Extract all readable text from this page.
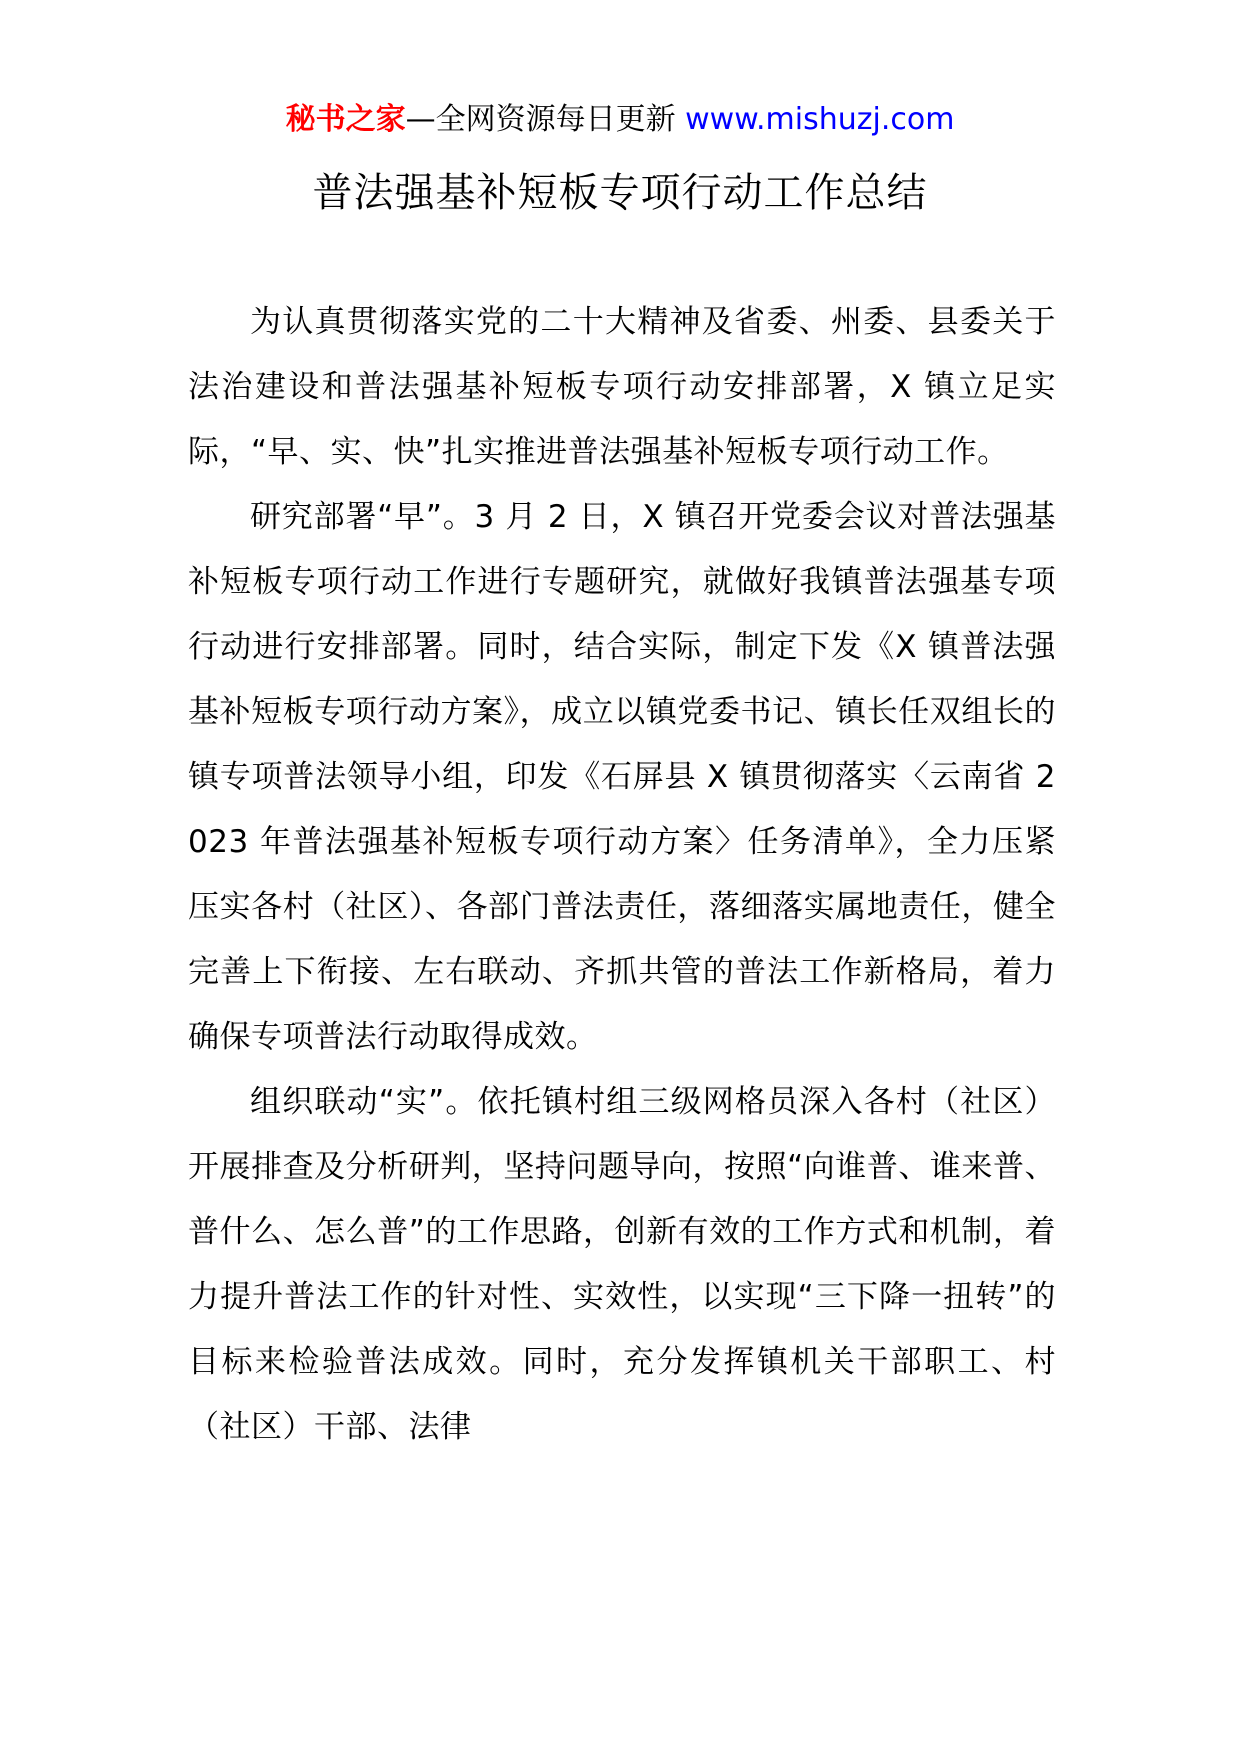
秘书之家—全网资源每日更新 www.mishuzj.com
普法强基补短板专项行动工作总结

为认真贯彻落实党的二十大精神及省委、州委、县委关于法治建设和普法强基补短板专项行动安排部署，X 镇立足实际，“早、实、快”扎实推进普法强基补短板专项行动工作。

研究部署“早”。3 月 2 日，X 镇召开党委会议对普法强基补短板专项行动工作进行专题研究，就做好我镇普法强基专项行动进行安排部署。同时，结合实际，制定下发《X 镇普法强基补短板专项行动方案》，成立以镇党委书记、镇长任双组长的镇专项普法领导小组，印发《石屏县 X 镇贯彻落实〈云南省 2023 年普法强基补短板专项行动方案〉任务清单》，全力压紧压实各村（社区）、各部门普法责任，落细落实属地责任，健全完善上下衔接、左右联动、齐抓共管的普法工作新格局，着力确保专项普法行动取得成效。

组织联动“实”。依托镇村组三级网格员深入各村（社区）开展排查及分析研判，坚持问题导向，按照“向谁普、谁来普、普什么、怎么普”的工作思路，创新有效的工作方式和机制，着力提升普法工作的针对性、实效性，以实现“三下降一扭转”的目标来检验普法成效。同时，充分发挥镇机关干部职工、村（社区）干部、法律
